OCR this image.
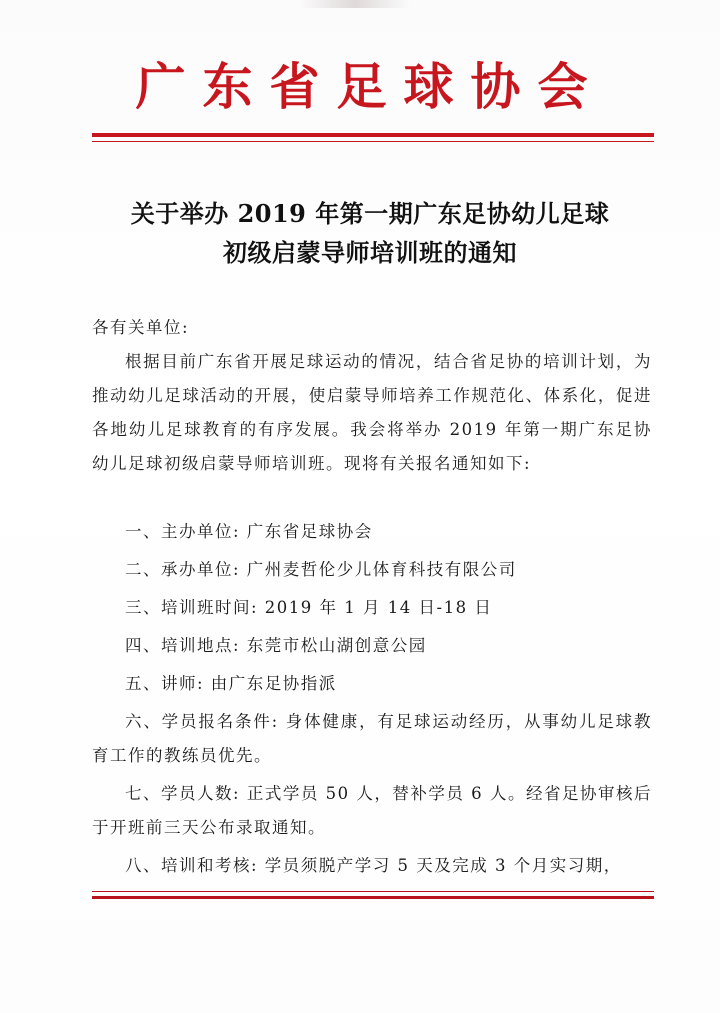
广东省足球协会
关于举办 2019 年第一期广东足协幼儿足球
初级启蒙导师培训班的通知
各有关单位:
根据目前广东省开展足球运动的情况，结合省足协的培训计划，为推动幼儿足球活动的开展，使启蒙导师培养工作规范化、体系化，促进各地幼儿足球教育的有序发展。我会将举办 2019 年第一期广东足协幼儿足球初级启蒙导师培训班。现将有关报名通知如下:
一、主办单位: 广东省足球协会
二、承办单位: 广州麦哲伦少儿体育科技有限公司
三、培训班时间: 2019 年 1 月 14 日-18 日
四、培训地点: 东莞市松山湖创意公园
五、讲师: 由广东足协指派
六、学员报名条件: 身体健康，有足球运动经历，从事幼儿足球教育工作的教练员优先。
七、学员人数: 正式学员 50 人，替补学员 6 人。经省足协审核后于开班前三天公布录取通知。
八、培训和考核: 学员须脱产学习 5 天及完成 3 个月实习期，
